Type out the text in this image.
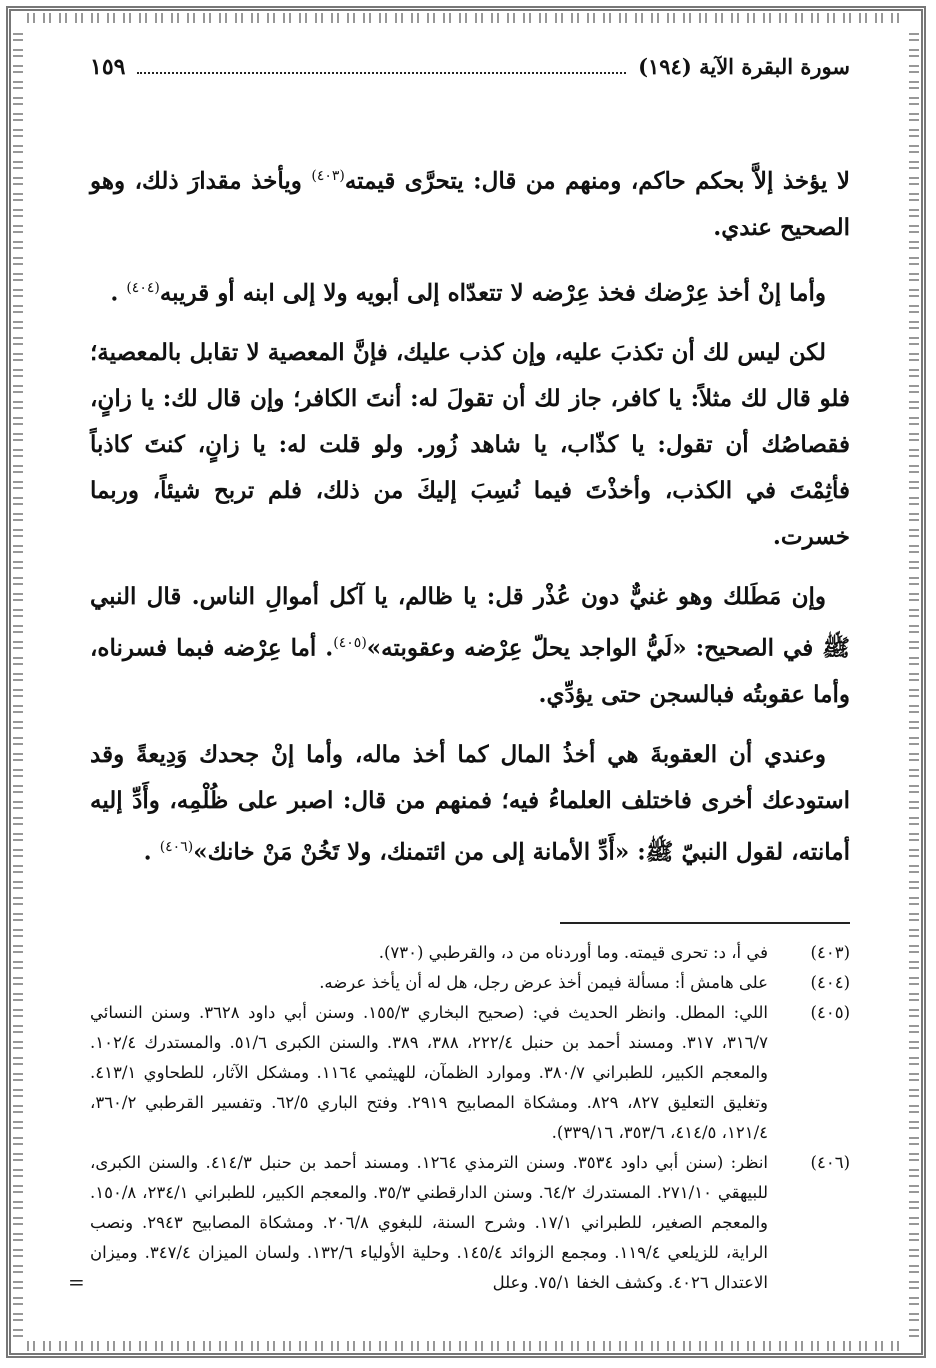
سورة البقرة الآية (١٩٤)
١٥٩

لا يؤخذ إلاَّ بحكم حاكم، ومنهم من قال: يتحرَّى قيمته$^{(٤٠٣)}$ ويأخذ مقدارَ ذلك، وهو الصحيح عندي.

وأما إنْ أخذ عِرْضك فخذ عِرْضه لا تتعدّاه إلى أبويه ولا إلى ابنه أو قريبه$^{(٤٠٤)}$ .

لكن ليس لك أن تكذبَ عليه، وإن كذب عليك، فإنَّ المعصية لا تقابل بالمعصية؛ فلو قال لك مثلاً: يا كافر، جاز لك أن تقولَ له: أنتَ الكافر؛ وإن قال لك: يا زانٍ، فقصاصُك أن تقول: يا كذّاب، يا شاهد زُور. ولو قلت له: يا زانٍ، كنتَ كاذباً فأثِمْتَ في الكذب، وأخذْتَ فيما نُسِبَ إليكَ من ذلك، فلم تربح شيئاً، وربما خسرت.

وإن مَطَلك وهو غنيٌّ دون عُذْر قل: يا ظالم، يا آكل أموالِ الناس. قال النبي ﷺ في الصحيح: «لَيُّ الواجد يحلّ عِرْضه وعقوبته»$^{(٤٠٥)}$. أما عِرْضه فبما فسرناه، وأما عقوبتُه فبالسجن حتى يؤدِّي.

وعندي أن العقوبةَ هي أخذُ المال كما أخذ ماله، وأما إنْ جحدك وَدِيعةً وقد استودعك أخرى فاختلف العلماءُ فيه؛ فمنهم من قال: اصبر على ظُلْمِه، وأَدِّ إليه أمانته، لقول النبيّ ﷺ: «أَدِّ الأمانة إلى من ائتمنك، ولا تَخُنْ مَنْ خانك»$^{(٤٠٦)}$ .

(٤٠٣)
في أ، د: تحرى قيمته. وما أوردناه من د، والقرطبي (٧٣٠).
(٤٠٤)
على هامش أ: مسألة فيمن أخذ عرض رجل، هل له أن يأخذ عرضه.
(٤٠٥)
اللي: المطل. وانظر الحديث في: (صحيح البخاري ١٥٥/٣. وسنن أبي داود ٣٦٢٨. وسنن النسائي ٣١٦/٧، ٣١٧. ومسند أحمد بن حنبل ٢٢٢/٤، ٣٨٨، ٣٨٩. والسنن الكبرى ٥١/٦. والمستدرك ١٠٢/٤. والمعجم الكبير، للطبراني ٣٨٠/٧. وموارد الظمآن، للهيثمي ١١٦٤. ومشكل الآثار، للطحاوي ٤١٣/١. وتغليق التعليق ٨٢٧، ٨٢٩. ومشكاة المصابيح ٢٩١٩. وفتح الباري ٦٢/٥. وتفسير القرطبي ٣٦٠/٢، ١٢١/٤، ٤١٤/٥، ٣٥٣/٦، ٣٣٩/١٦).
(٤٠٦)
انظر: (سنن أبي داود ٣٥٣٤. وسنن الترمذي ١٢٦٤. ومسند أحمد بن حنبل ٤١٤/٣. والسنن الكبرى، للبيهقي ٢٧١/١٠. المستدرك ٦٤/٢. وسنن الدارقطني ٣٥/٣. والمعجم الكبير، للطبراني ٢٣٤/١، ١٥٠/٨. والمعجم الصغير، للطبراني ١٧/١. وشرح السنة، للبغوي ٢٠٦/٨. ومشكاة المصابيح ٢٩٤٣. ونصب الراية، للزيلعي ١١٩/٤. ومجمع الزوائد ١٤٥/٤. وحلية الأولياء ١٣٢/٦. ولسان الميزان ٣٤٧/٤. وميزان الاعتدال ٤٠٢٦. وكشف الخفا ٧٥/١. وعلل
=
